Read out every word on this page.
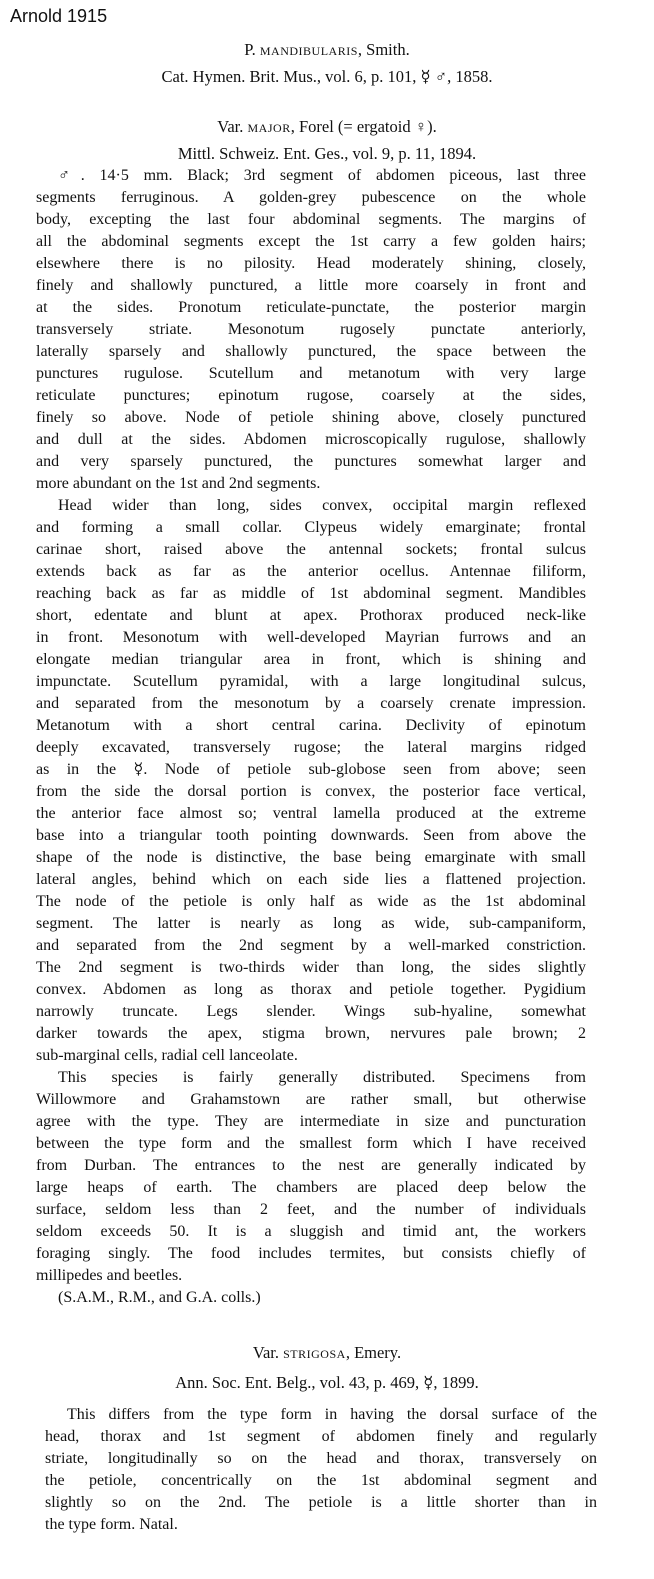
Arnold 1915
P. mandibularis, Smith.
Cat. Hymen. Brit. Mus., vol. 6, p. 101, ☿ ♂, 1858.
Var. major, Forel (= ergatoid ♀).
Mittl. Schweiz. Ent. Ges., vol. 9, p. 11, 1894.
♂. 14·5 mm. Black; 3rd segment of abdomen piceous, last three
segments ferruginous. A golden-grey pubescence on the whole
body, excepting the last four abdominal segments. The margins of
all the abdominal segments except the 1st carry a few golden hairs;
elsewhere there is no pilosity. Head moderately shining, closely,
finely and shallowly punctured, a little more coarsely in front and
at the sides. Pronotum reticulate-punctate, the posterior margin
transversely striate. Mesonotum rugosely punctate anteriorly,
laterally sparsely and shallowly punctured, the space between the
punctures rugulose. Scutellum and metanotum with very large
reticulate punctures; epinotum rugose, coarsely at the sides,
finely so above. Node of petiole shining above, closely punctured
and dull at the sides. Abdomen microscopically rugulose, shallowly
and very sparsely punctured, the punctures somewhat larger and
more abundant on the 1st and 2nd segments.
Head wider than long, sides convex, occipital margin reflexed
and forming a small collar. Clypeus widely emarginate; frontal
carinae short, raised above the antennal sockets; frontal sulcus
extends back as far as the anterior ocellus. Antennae filiform,
reaching back as far as middle of 1st abdominal segment. Mandibles
short, edentate and blunt at apex. Prothorax produced neck-like
in front. Mesonotum with well-developed Mayrian furrows and an
elongate median triangular area in front, which is shining and
impunctate. Scutellum pyramidal, with a large longitudinal sulcus,
and separated from the mesonotum by a coarsely crenate impression.
Metanotum with a short central carina. Declivity of epinotum
deeply excavated, transversely rugose; the lateral margins ridged
as in the ☿. Node of petiole sub-globose seen from above; seen
from the side the dorsal portion is convex, the posterior face vertical,
the anterior face almost so; ventral lamella produced at the extreme
base into a triangular tooth pointing downwards. Seen from above the
shape of the node is distinctive, the base being emarginate with small
lateral angles, behind which on each side lies a flattened projection.
The node of the petiole is only half as wide as the 1st abdominal
segment. The latter is nearly as long as wide, sub-campaniform,
and separated from the 2nd segment by a well-marked constriction.
The 2nd segment is two-thirds wider than long, the sides slightly
convex. Abdomen as long as thorax and petiole together. Pygidium
narrowly truncate. Legs slender. Wings sub-hyaline, somewhat
darker towards the apex, stigma brown, nervures pale brown; 2
sub-marginal cells, radial cell lanceolate.
This species is fairly generally distributed. Specimens from
Willowmore and Grahamstown are rather small, but otherwise
agree with the type. They are intermediate in size and puncturation
between the type form and the smallest form which I have received
from Durban. The entrances to the nest are generally indicated by
large heaps of earth. The chambers are placed deep below the
surface, seldom less than 2 feet, and the number of individuals
seldom exceeds 50. It is a sluggish and timid ant, the workers
foraging singly. The food includes termites, but consists chiefly of
millipedes and beetles.
(S.A.M., R.M., and G.A. colls.)
Var. strigosa, Emery.
Ann. Soc. Ent. Belg., vol. 43, p. 469, ☿, 1899.
This differs from the type form in having the dorsal surface of the
head, thorax and 1st segment of abdomen finely and regularly
striate, longitudinally so on the head and thorax, transversely on
the petiole, concentrically on the 1st abdominal segment and
slightly so on the 2nd. The petiole is a little shorter than in
the type form. Natal.
